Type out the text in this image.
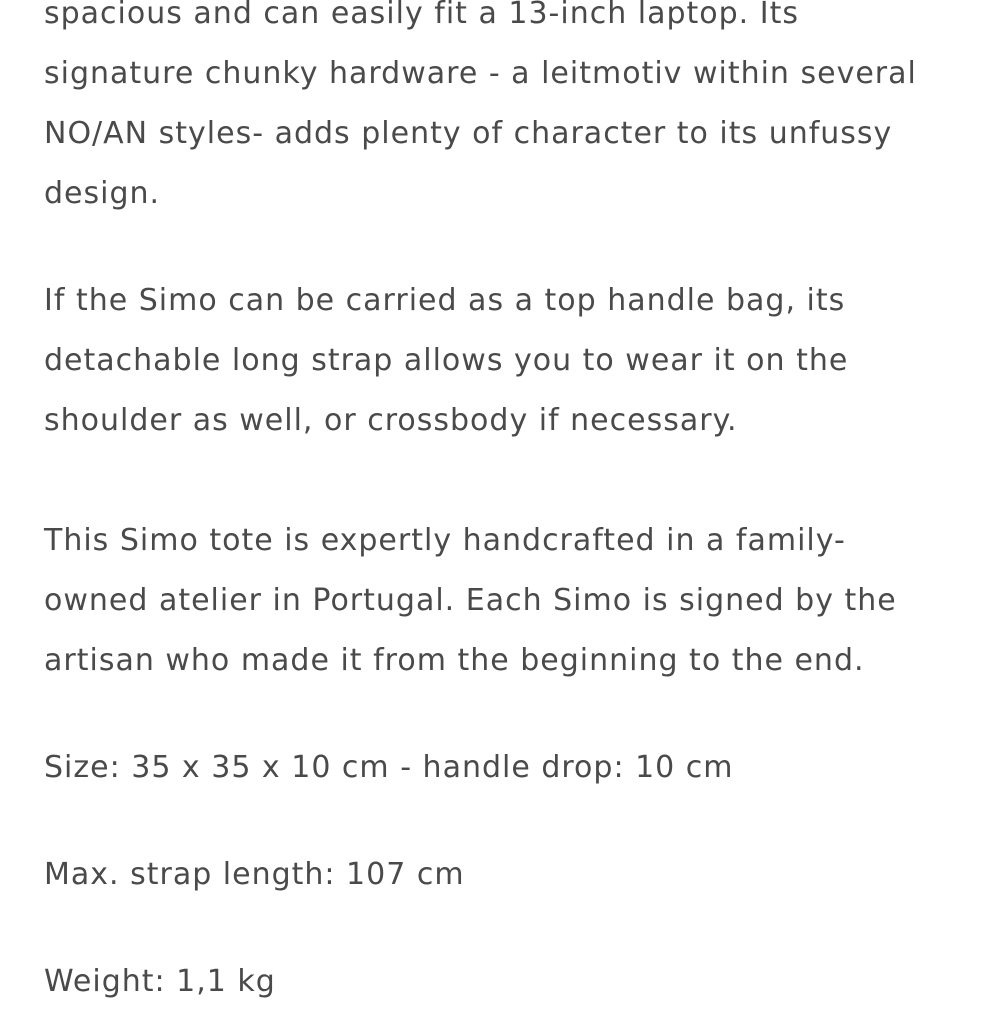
spacious and can easily fit a 13-inch laptop. Its
signature chunky hardware - a leitmotiv within several
NO/AN styles- adds plenty of character to its unfussy
design.

If the Simo can be carried as a top handle bag, its
detachable long strap allows you to wear it on the
shoulder as well, or crossbody if necessary.

This Simo tote is expertly handcrafted in a family-
owned atelier in Portugal. Each Simo is signed by the
artisan who made it from the beginning to the end.

Size: 35 x 35 x 10 cm - handle drop: 10 cm

Max. strap length: 107 cm

Weight: 1,1 kg
